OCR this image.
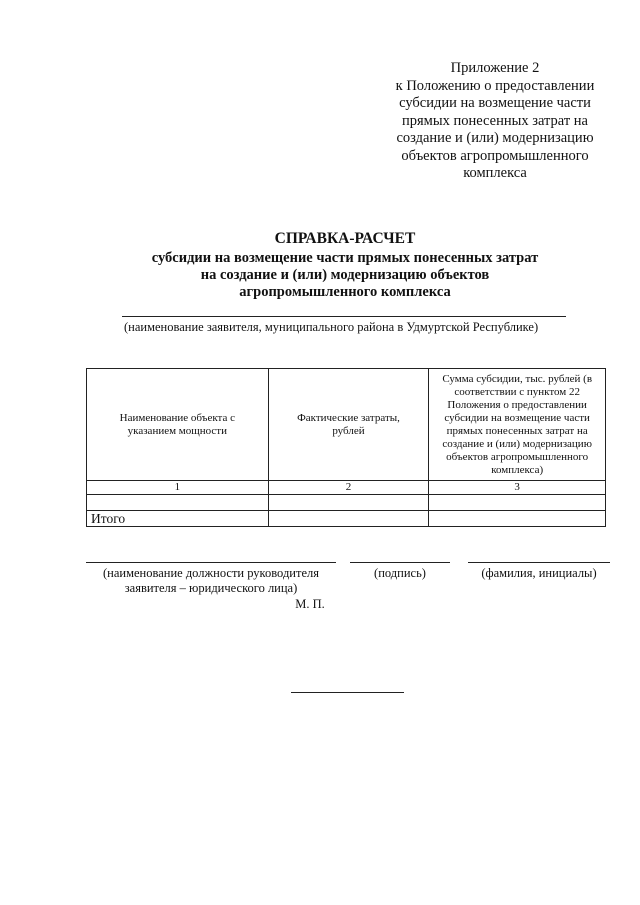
Приложение 2
к Положению о предоставлении
субсидии на возмещение части
прямых понесенных затрат на
создание и (или) модернизацию
объектов агропромышленного
комплекса
СПРАВКА-РАСЧЕТ
субсидии на возмещение части прямых понесенных затрат
на создание и (или) модернизацию объектов
агропромышленного комплекса
(наименование заявителя, муниципального района в Удмуртской Республике)
Наименование объекта с указанием мощности	Фактические затраты, рублей	Сумма субсидии, тыс. рублей (в соответствии с пунктом 22 Положения о предоставлении субсидии на возмещение части прямых понесенных затрат на создание и (или) модернизацию объектов агропромышленного комплекса)
1	2	3

Итого		
(наименование должности руководителя
заявителя – юридического лица)
(подпись)	(фамилия, инициалы)
М. П.
